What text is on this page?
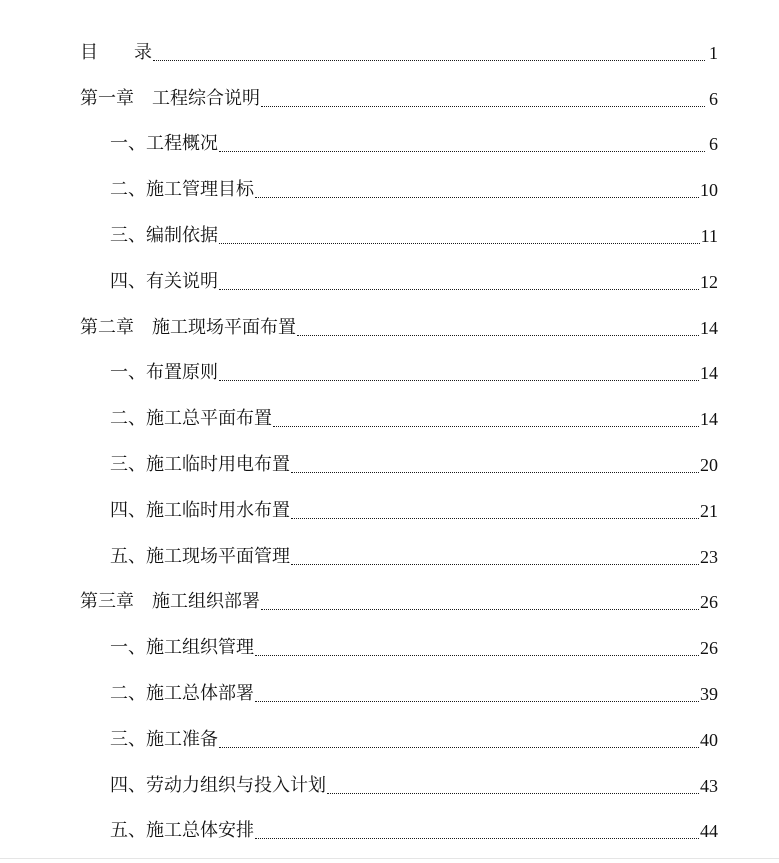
目　　录	1
第一章　工程综合说明	6
一、工程概况	6
二、施工管理目标	10
三、编制依据	11
四、有关说明	12
第二章　施工现场平面布置	14
一、布置原则	14
二、施工总平面布置	14
三、施工临时用电布置	20
四、施工临时用水布置	21
五、施工现场平面管理	23
第三章　施工组织部署	26
一、施工组织管理	26
二、施工总体部署	39
三、施工准备	40
四、劳动力组织与投入计划	43
五、施工总体安排	44
